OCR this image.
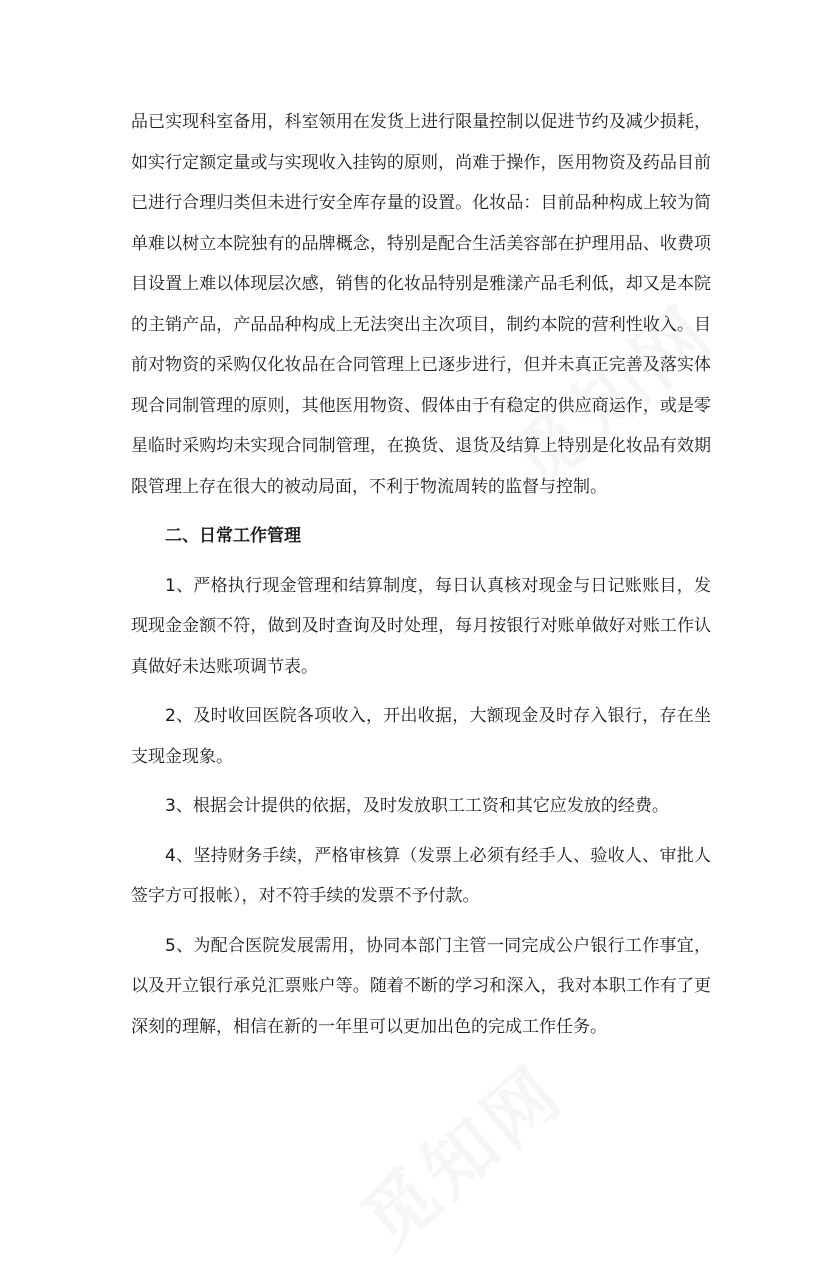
品已实现科室备用，科室领用在发货上进行限量控制以促进节约及减少损耗，如实行定额定量或与实现收入挂钩的原则，尚难于操作，医用物资及药品目前已进行合理归类但未进行安全库存量的设置。化妆品：目前品种构成上较为简单难以树立本院独有的品牌概念，特别是配合生活美容部在护理用品、收费项目设置上难以体现层次感，销售的化妆品特别是雅漾产品毛利低，却又是本院的主销产品，产品品种构成上无法突出主次项目，制约本院的营利性收入。目前对物资的采购仅化妆品在合同管理上已逐步进行，但并未真正完善及落实体现合同制管理的原则，其他医用物资、假体由于有稳定的供应商运作，或是零星临时采购均未实现合同制管理，在换货、退货及结算上特别是化妆品有效期限管理上存在很大的被动局面，不利于物流周转的监督与控制。

二、日常工作管理

1、严格执行现金管理和结算制度，每日认真核对现金与日记账账目，发现现金金额不符，做到及时查询及时处理，每月按银行对账单做好对账工作认真做好未达账项调节表。

2、及时收回医院各项收入，开出收据，大额现金及时存入银行，存在坐支现金现象。

3、根据会计提供的依据，及时发放职工工资和其它应发放的经费。

4、坚持财务手续，严格审核算（发票上必须有经手人、验收人、审批人签字方可报帐），对不符手续的发票不予付款。

5、为配合医院发展需用，协同本部门主管一同完成公户银行工作事宜，以及开立银行承兑汇票账户等。随着不断的学习和深入，我对本职工作有了更深刻的理解，相信在新的一年里可以更加出色的完成工作任务。
